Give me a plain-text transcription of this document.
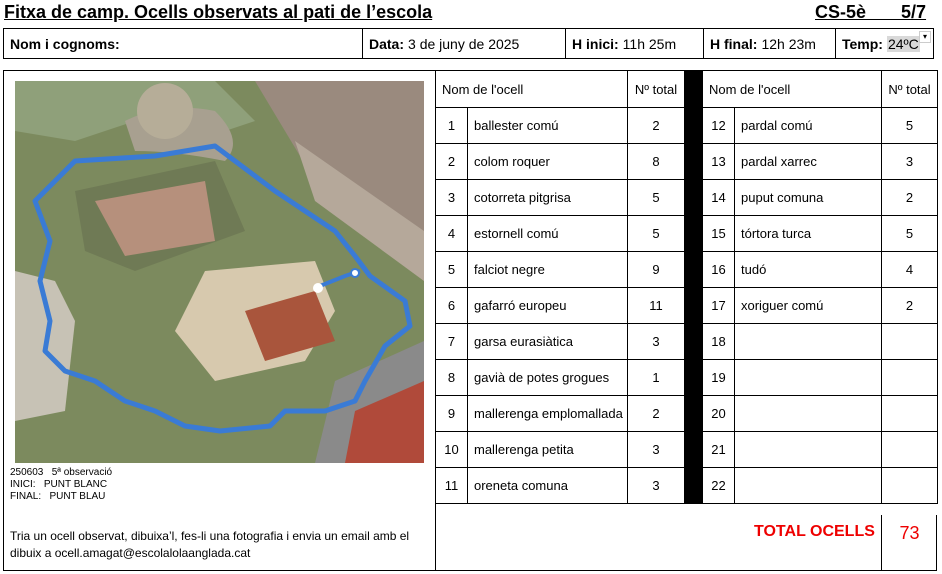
Fitxa de camp. Ocells observats al pati de l’escola	CS-5è       5/7
Nom i cognoms:	Data: 3 de juny de 2025	H inici: 11h 25m H final: 12h 23m Temp: 24ºC ▾
250603   5ª observació
INICI:   PUNT BLANC
FINAL:   PUNT BLAU
Tria un ocell observat, dibuixa’l, fes-li una fotografia i envia un email amb el dibuix a ocell.amagat@escolalolaanglada.cat
Nom de l'ocell		Nº total		Nom de l'ocell		Nº total
1	ballester comú	2		12	pardal comú	5
2	colom roquer	8		13	pardal xarrec	3
3	cotorreta pitgrisa	5		14	puput comuna	2
4	estornell comú	5		15	tórtora turca	5
5	falciot negre	9		16	tudó	4
6	gafarró europeu	11		17	xoriguer comú	2
7	garsa eurasiàtica	3		18		
8	gavià de potes grogues	1		19		
9	mallerenga emplomallada	2		20		
10	mallerenga petita	3		21		
11	oreneta comuna	3		22		
TOTAL OCELLS	73
